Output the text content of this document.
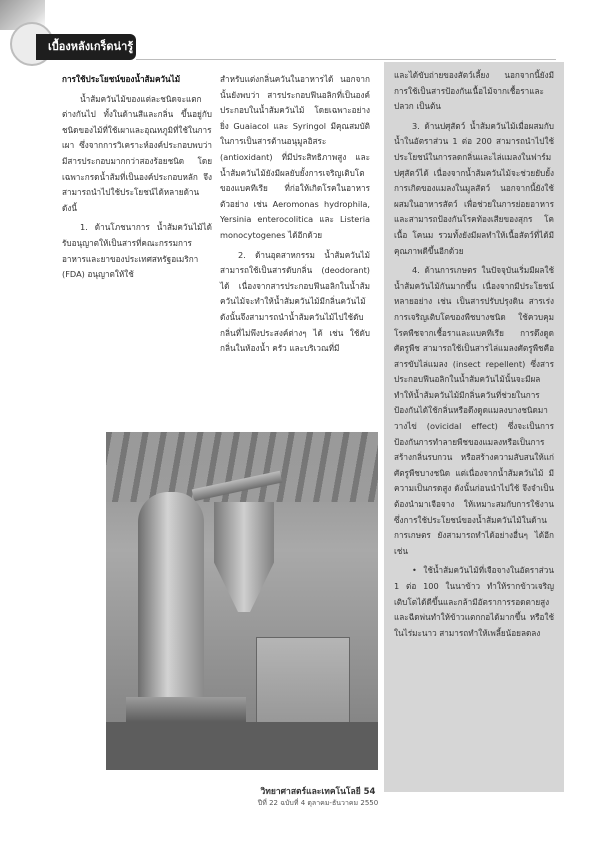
เบื้องหลังเกร็ดน่ารู้

การใช้ประโยชน์ของน้ำส้มควันไม้

น้ำส้มควันไม้ของแต่ละชนิดจะแตกต่างกันไป ทั้งในด้านสีและกลิ่น ขึ้นอยู่กับชนิดของไม้ที่ใช้เผาและอุณหภูมิที่ใช้ในการเผา ซึ่งจากการวิเคราะห์องค์ประกอบพบว่ามีสารประกอบมากกว่าสองร้อยชนิด โดยเฉพาะกรดน้ำส้มที่เป็นองค์ประกอบหลัก จึงสามารถนำไปใช้ประโยชน์ได้หลายด้าน ดังนี้

1. ด้านโภชนาการ น้ำส้มควันไม้ได้รับอนุญาตให้เป็นสารที่คณะกรรมการอาหารและยาของประเทศสหรัฐอเมริกา (FDA) อนุญาตให้ใช้

สำหรับแต่งกลิ่นควันในอาหารได้ นอกจากนั้นยังพบว่า สารประกอบฟีนอลิกที่เป็นองค์ประกอบในน้ำส้มควันไม้ โดยเฉพาะอย่างยิ่ง Guaiacol และ Syringol มีคุณสมบัติในการเป็นสารต้านอนุมูลอิสระ (antioxidant) ที่มีประสิทธิภาพสูง และน้ำส้มควันไม้ยังมีผลยับยั้งการเจริญเติบโตของแบคทีเรีย ที่ก่อให้เกิดโรคในอาหาร ตัวอย่าง เช่น Aeromonas hydrophila, Yersinia enterocolitica และ Listeria monocytogenes ได้อีกด้วย

2. ด้านอุตสาหกรรม น้ำส้มควันไม้สามารถใช้เป็นสารดับกลิ่น (deodorant) ได้ เนื่องจากสารประกอบฟีนอลิกในน้ำส้มควันไม้จะทำให้น้ำส้มควันไม้มีกลิ่นควันไม้ ดังนั้นจึงสามารถนำน้ำส้มควันไม้ไปใช้ดับกลิ่นที่ไม่พึงประสงค์ต่างๆ ได้ เช่น ใช้ดับกลิ่นในห้องน้ำ ครัว และบริเวณที่มี

และได้ขับถ่ายของสัตว์เลี้ยง นอกจากนี้ยังมีการใช้เป็นสารป้องกันเนื้อไม้จากเชื้อราและปลวก เป็นต้น

3. ด้านปศุสัตว์ น้ำส้มควันไม้เมื่อผสมกับน้ำในอัตราส่วน 1 ต่อ 200 สามารถนำไปใช้ประโยชน์ในการลดกลิ่นและไล่แมลงในฟาร์มปศุสัตว์ได้ เนื่องจากน้ำส้มควันไม้จะช่วยยับยั้งการเกิดของแมลงในมูลสัตว์ นอกจากนี้ยังใช้ผสมในอาหารสัตว์ เพื่อช่วยในการย่อยอาหาร และสามารถป้องกันโรคท้องเสียของสุกร โคเนื้อ โคนม รวมทั้งยังมีผลทำให้เนื้อสัตว์ที่ได้มีคุณภาพดีขึ้นอีกด้วย

4. ด้านการเกษตร ในปัจจุบันเริ่มมีผลใช้น้ำส้มควันไม้กันมากขึ้น เนื่องจากมีประโยชน์หลายอย่าง เช่น เป็นสารปรับปรุงดิน สารเร่งการเจริญเติบโตของพืชบางชนิด ใช้ควบคุมโรคพืชจากเชื้อราและแบคทีเรีย การดึงดูดศัตรูพืช สามารถใช้เป็นสารไล่แมลงศัตรูพืชคือ สารขับไล่แมลง (insect repellent) ซึ่งสารประกอบฟีนอลิกในน้ำส้มควันไม้นั้นจะมีผลทำให้น้ำส้มควันไม้มีกลิ่นควันที่ช่วยในการป้องกันได้ใช้กลิ่นหรือดึงดูดแมลงบางชนิดมาวางไข่ (ovicidal effect) ซึ่งจะเป็นการป้องกันการทำลายพืชของแมลงหรือเป็นการสร้างกลิ่นรบกวน หรือสร้างความสับสนให้แก่ศัตรูพืชบางชนิด แต่เนื่องจากน้ำส้มควันไม้ มีความเป็นกรดสูง ดังนั้นก่อนนำไปใช้ จึงจำเป็นต้องนำมาเจือจาง ให้เหมาะสมกับการใช้งาน ซึ่งการใช้ประโยชน์ของน้ำส้มควันไม้ในด้านการเกษตร ยังสามารถทำได้อย่างอื่นๆ ได้อีก เช่น

• ใช้น้ำส้มควันไม้ที่เจือจางในอัตราส่วน 1 ต่อ 100 ในนาข้าว ทำให้รากข้าวเจริญเติบโตได้ดีขึ้นและกล้ามีอัตราการรอดตายสูง และฉีดพ่นทำให้ข้าวแตกกอได้มากขึ้น หรือใช้ในไร่มะนาว สามารถทำให้เพลี้ยน้อยลดลง

วิทยาศาสตร์และเทคโนโลยี 54
ปีที่ 22 ฉบับที่ 4 ตุลาคม-ธันวาคม 2550
